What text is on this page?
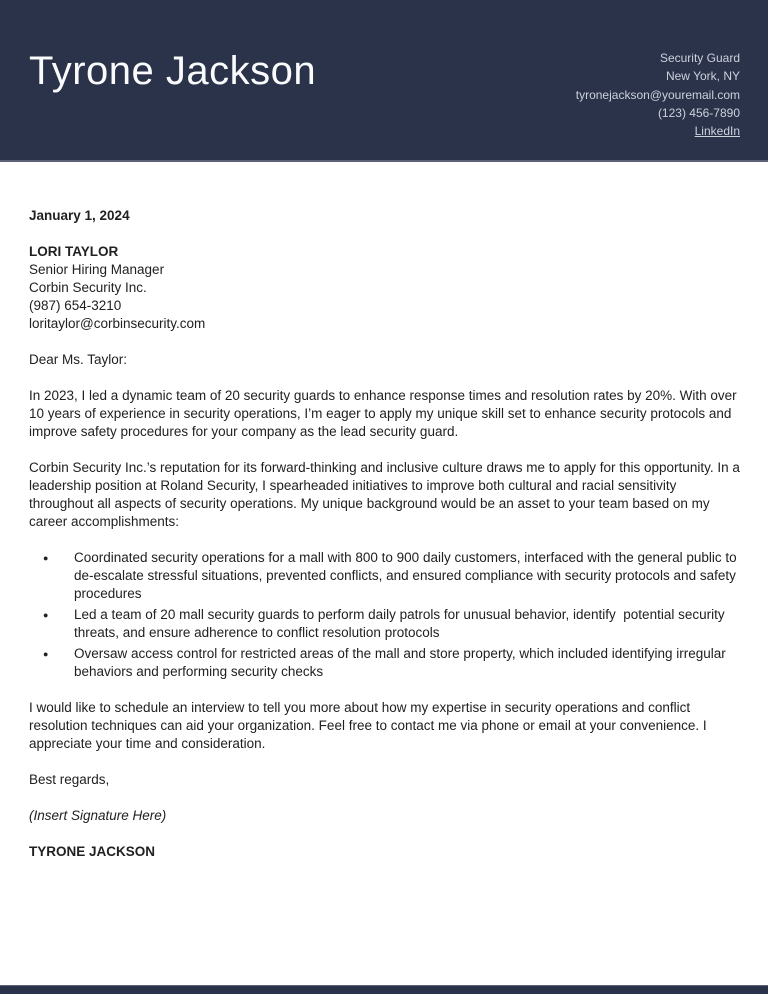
Tyrone Jackson	Security Guard
New York, NY
tyronejackson@youremail.com
(123) 456-7890
LinkedIn

January 1, 2024

LORI TAYLOR
Senior Hiring Manager
Corbin Security Inc.
(987) 654-3210
loritaylor@corbinsecurity.com

Dear Ms. Taylor:

In 2023, I led a dynamic team of 20 security guards to enhance response times and resolution rates by 20%. With over 10 years of experience in security operations, I’m eager to apply my unique skill set to enhance security protocols and improve safety procedures for your company as the lead security guard.

Corbin Security Inc.’s reputation for its forward-thinking and inclusive culture draws me to apply for this opportunity. In a leadership position at Roland Security, I spearheaded initiatives to improve both cultural and racial sensitivity throughout all aspects of security operations. My unique background would be an asset to your team based on my career accomplishments:

● Coordinated security operations for a mall with 800 to 900 daily customers, interfaced with the general public to de-escalate stressful situations, prevented conflicts, and ensured compliance with security protocols and safety procedures
● Led a team of 20 mall security guards to perform daily patrols for unusual behavior, identify  potential security threats, and ensure adherence to conflict resolution protocols
● Oversaw access control for restricted areas of the mall and store property, which included identifying irregular behaviors and performing security checks

I would like to schedule an interview to tell you more about how my expertise in security operations and conflict resolution techniques can aid your organization. Feel free to contact me via phone or email at your convenience. I appreciate your time and consideration.

Best regards,

(Insert Signature Here)

TYRONE JACKSON
